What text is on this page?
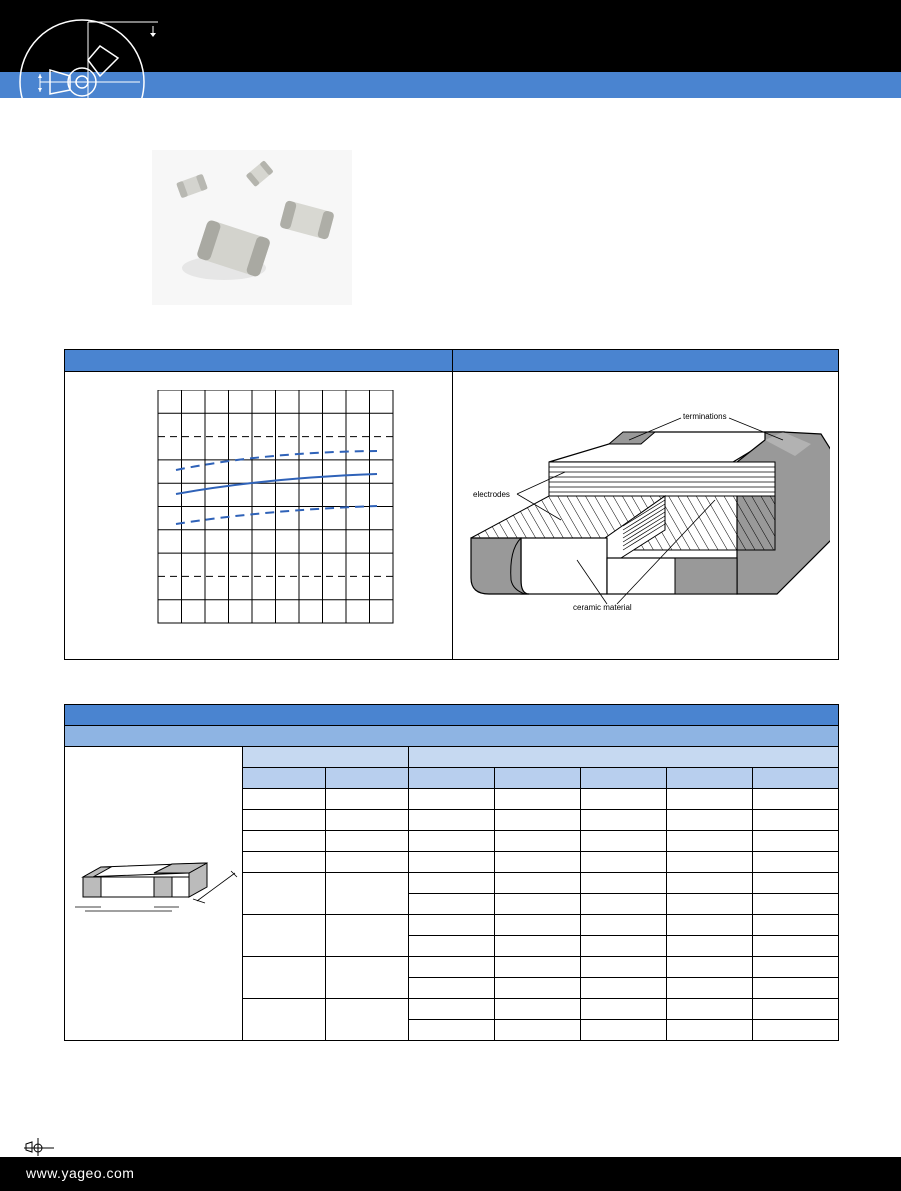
terminations
electrodes
ceramic material

www.yageo.com
